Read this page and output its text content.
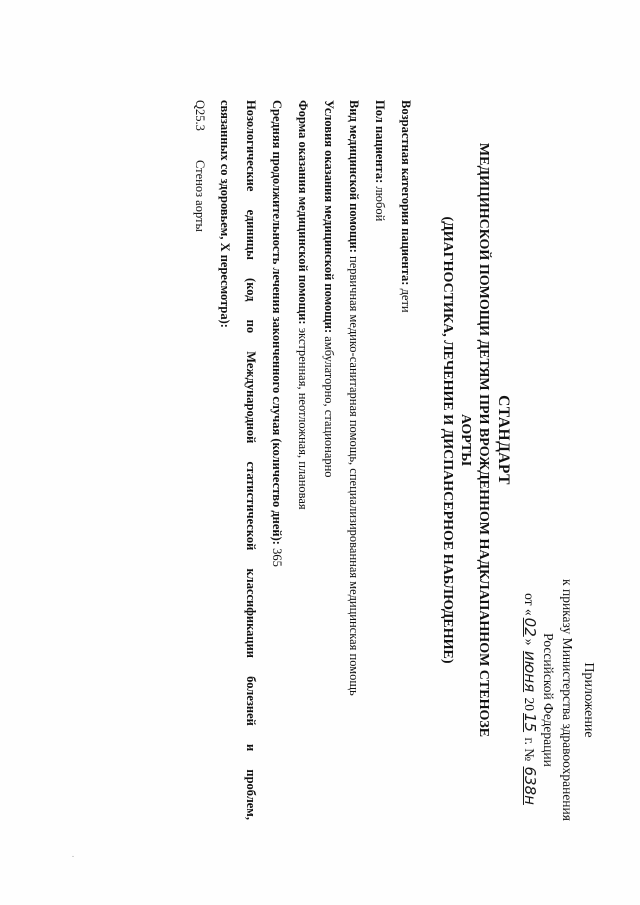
Приложение
к приказу Министерства здравоохранения
Российской Федерации
от «02» июня 2015 г. № 638н
СТАНДАРТ
МЕДИЦИНСКОЙ ПОМОЩИ ДЕТЯМ ПРИ ВРОЖДЕННОМ НАДКЛАПАННОМ СТЕНОЗЕ АОРТЫ
(ДИАГНОСТИКА, ЛЕЧЕНИЕ И ДИСПАНСЕРНОЕ НАБЛЮДЕНИЕ)

Возрастная категория пациента: дети

Пол пациента: любой

Вид медицинской помощи: первичная медико-санитарная помощь, специализированная медицинская помощь

Условия оказания медицинской помощи: амбулаторно, стационарно

Форма оказания медицинской помощи: экстренная, неотложная, плановая

Средняя продолжительность лечения законченного случая (количество дней): 365

Нозологические
единицы
(код
по
Международной
статистической
классификации
болезней
и
проблем,

связанных со здоровьем, X пересмотра):

Q25.3
Стеноз аорты
·
